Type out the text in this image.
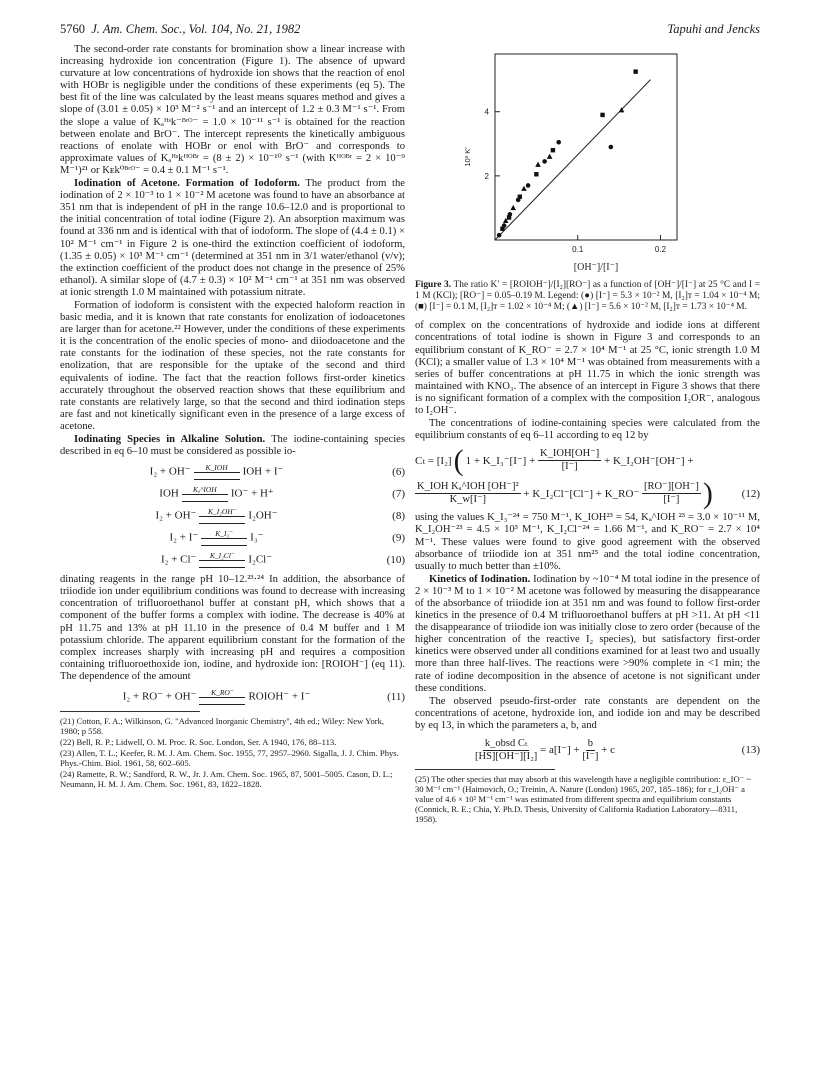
5760 J. Am. Chem. Soc., Vol. 104, No. 21, 1982	Tapuhi and Jencks

The second-order rate constants for bromination show a linear increase with increasing hydroxide ion concentration (Figure 1). The absence of upward curvature at low concentrations of hydroxide ion shows that the reaction of enol with HOBr is negligible under the conditions of these experiments (eq 5). The best fit of the line was calculated by the least means squares method and gives a slope of (3.01 ± 0.05) × 10³ M⁻² s⁻¹ and an intercept of 1.2 ± 0.3 M⁻¹ s⁻¹. From the slope a value of Kₐᴴˢk⁻ᴮʳᴼ⁻ = 1.0 × 10⁻¹¹ s⁻¹ is obtained for the reaction between enolate and BrO⁻. The intercept represents the kinetically ambiguous reactions of enolate with HOBr or enol with BrO⁻ and corresponds to approximate values of Kₐᴴˢkᴴᴼᴮʳ = (8 ± 2) × 10⁻¹⁰ s⁻¹ (with Kᴴᴼᴮʳ = 2 × 10⁻⁹ M⁻¹)²¹ or Kᴇk⁰ᴮʳᴼ⁻ = 0.4 ± 0.1 M⁻¹ s⁻¹.

Iodination of Acetone. Formation of Iodoform. The product from the iodination of 2 × 10⁻³ to 1 × 10⁻² M acetone was found to have an absorbance at 351 nm that is independent of pH in the range 10.6–12.0 and is proportional to the initial concentration of total iodine (Figure 2). An absorption maximum was found at 336 nm and is identical with that of iodoform. The slope of (4.4 ± 0.1) × 10² M⁻¹ cm⁻¹ in Figure 2 is one-third the extinction coefficient of iodoform, (1.35 ± 0.05) × 10³ M⁻¹ cm⁻¹ (determined at 351 nm in 3/1 water/ethanol (v/v); the extinction coefficient of the product does not change in the presence of 25% ethanol). A similar slope of (4.7 ± 0.3) × 10² M⁻¹ cm⁻¹ at 351 nm was observed at ionic strength 1.0 M maintained with potassium nitrate.

Formation of iodoform is consistent with the expected haloform reaction in basic media, and it is known that rate constants for enolization of iodoacetones are larger than for acetone.²² However, under the conditions of these experiments it is the concentration of the enolic species of mono- and diiodoacetone and the rate constants for the iodination of these species, not the rate constants for enolization, that are responsible for the uptake of the second and third equivalents of iodine. The fact that the reaction follows first-order kinetics accurately throughout the observed reaction shows that these equilibrium and rate constants are relatively large, so that the second and third iodination steps are fast and not kinetically significant even in the presence of a large excess of acetone.

Iodinating Species in Alkaline Solution. The iodine-containing species described in eq 6–10 must be considered as possible io-

I₂ + OH⁻	K_IOH	IOH + I⁻	(6)
IOH	Kₐ^IOH	IO⁻ + H⁺	(7)
I₂ + OH⁻	K_I₂OH⁻	I₂OH⁻	(8)
I₂ + I⁻	K_I₃⁻	I₃⁻	(9)
I₂ + Cl⁻	K_I₂Cl⁻	I₂Cl⁻	(10)

dinating reagents in the range pH 10–12.²³·²⁴ In addition, the absorbance of triiodide ion under equilibrium conditions was found to decrease with increasing concentration of trifluoroethanol buffer at constant pH, which shows that a component of the buffer forms a complex with iodine. The decrease is 40% at pH 11.75 and 13% at pH 11.10 in the presence of 0.4 M buffer and 1 M potassium chloride. The apparent equilibrium constant for the formation of the complex increases sharply with increasing pH and requires a composition containing trifluoroethoxide ion, iodine, and hydroxide ion: [ROIOH⁻] (eq 11). The dependence of the amount

I₂ + RO⁻ + OH⁻	K_RO⁻	ROIOH⁻ + I⁻	(11)

(21) Cotton, F. A.; Wilkinson, G. "Advanced Inorganic Chemistry", 4th ed.; Wiley: New York, 1980; p 558.

(22) Bell, R. P.; Lidwell, O. M. Proc. R. Soc. London, Ser. A 1940, 176, 88–113.

(23) Allen, T. L.; Keefer, R. M. J. Am. Chem. Soc. 1955, 77, 2957–2960. Sigalla, J. J. Chim. Phys. Phys.-Chim. Biol. 1961, 58, 602–605.

(24) Ramette, R. W.; Sandford, R. W., Jr. J. Am. Chem. Soc. 1965, 87, 5001–5005. Cason, D. L.; Neumann, H. M. J. Am. Chem. Soc. 1961, 83, 1822–1828.

0.1	0.2
2
4
10³ K′
[OH⁻]/[I⁻]
Figure 3. The ratio K′ = [ROIOH⁻]/[I₂][RO⁻] as a function of [OH⁻]/[I⁻] at 25 °C and I = 1 M (KCl); [RO⁻] = 0.05–0.19 M. Legend: (●) [I⁻] = 5.3 × 10⁻² M, [I₂]ᴛ = 1.04 × 10⁻⁴ M; (■) [I⁻] = 0.1 M, [I₂]ᴛ = 1.02 × 10⁻⁴ M; (▲) [I⁻] = 5.6 × 10⁻² M, [I₂]ᴛ = 1.73 × 10⁻⁴ M.

of complex on the concentrations of hydroxide and iodide ions at different concentrations of total iodine is shown in Figure 3 and corresponds to an equilibrium constant of K_RO⁻ = 2.7 × 10⁴ M⁻¹ at 25 °C, ionic strength 1.0 M (KCl); a smaller value of 1.3 × 10⁴ M⁻¹ was obtained from measurements with a series of buffer concentrations at pH 11.75 in which the ionic strength was maintained with KNO₃. The absence of an intercept in Figure 3 shows that there is no significant formation of a complex with the composition I₂OR⁻, analogous to I₂OH⁻.

The concentrations of iodine-containing species were calculated from the equilibrium constants of eq 6–11 according to eq 12 by

Cₜ = [I₂] ( 1 + K_I₃⁻[I⁻] +
$\frac{\text{K\_IOH[OH⁻]}}{[I^-]}$
+ K_I₂OH⁻[OH⁻] +
$\frac{\text{K\_IOH Kₐ\textasciicircum{}IOH [OH⁻]²}}{K\_w[I^-]}$
+ K_I₂Cl⁻[Cl⁻] + K_RO⁻
$\frac{[RO^-][OH^-]}{[I^-]}$ )	(12)

using the values K_I₃⁻²⁴ = 750 M⁻¹, K_IOH²³ = 54, Kₐ^IOH ²³ = 3.0 × 10⁻¹¹ M, K_I₂OH⁻²³ = 4.5 × 10³ M⁻¹, K_I₂Cl⁻²⁴ = 1.66 M⁻¹, and K_RO⁻ = 2.7 × 10⁴ M⁻¹. These values were found to give good agreement with the observed absorbance of triiodide ion at 351 nm²⁵ and the total iodine concentration, usually to much better than ±10%.

Kinetics of Iodination. Iodination by ~10⁻⁴ M total iodine in the presence of 2 × 10⁻³ M to 1 × 10⁻² M acetone was followed by measuring the disappearance of the absorbance of triiodide ion at 351 nm and was found to follow first-order kinetics in the presence of 0.4 M trifluoroethanol buffers at pH >11. At pH <11 the disappearance of triiodide ion was initially close to zero order (because of the higher concentration of the reactive I₂ species), but satisfactory first-order kinetics were observed under all conditions examined for at least two and usually more than three half-lives. The reactions were >90% complete in <1 min; the rate of iodine decomposition in the absence of acetone is not significant under these conditions.

The observed pseudo-first-order rate constants are dependent on the concentrations of acetone, hydroxide ion, and iodide ion and may be described by eq 13, in which the parameters a, b, and

$\frac{\text{k\_obsd Cₜ}}{\text{[HS][OH⁻][I₂]}}$
= a[I⁻] +
$\frac{b}{[I^-]}$
+ c	(13)

(25) The other species that may absorb at this wavelength have a negligible contribution: ε_IO⁻ ~ 30 M⁻¹ cm⁻¹ (Haimovich, O.; Treinin, A. Nature (London) 1965, 207, 185–186); for ε_I₂OH⁻ a value of 4.6 × 10² M⁻¹ cm⁻¹ was estimated from different spectra and equilibrium constants (Connick, R. E.; Chia, Y. Ph.D. Thesis, University of California Radiation Laboratory—8311, 1958).
